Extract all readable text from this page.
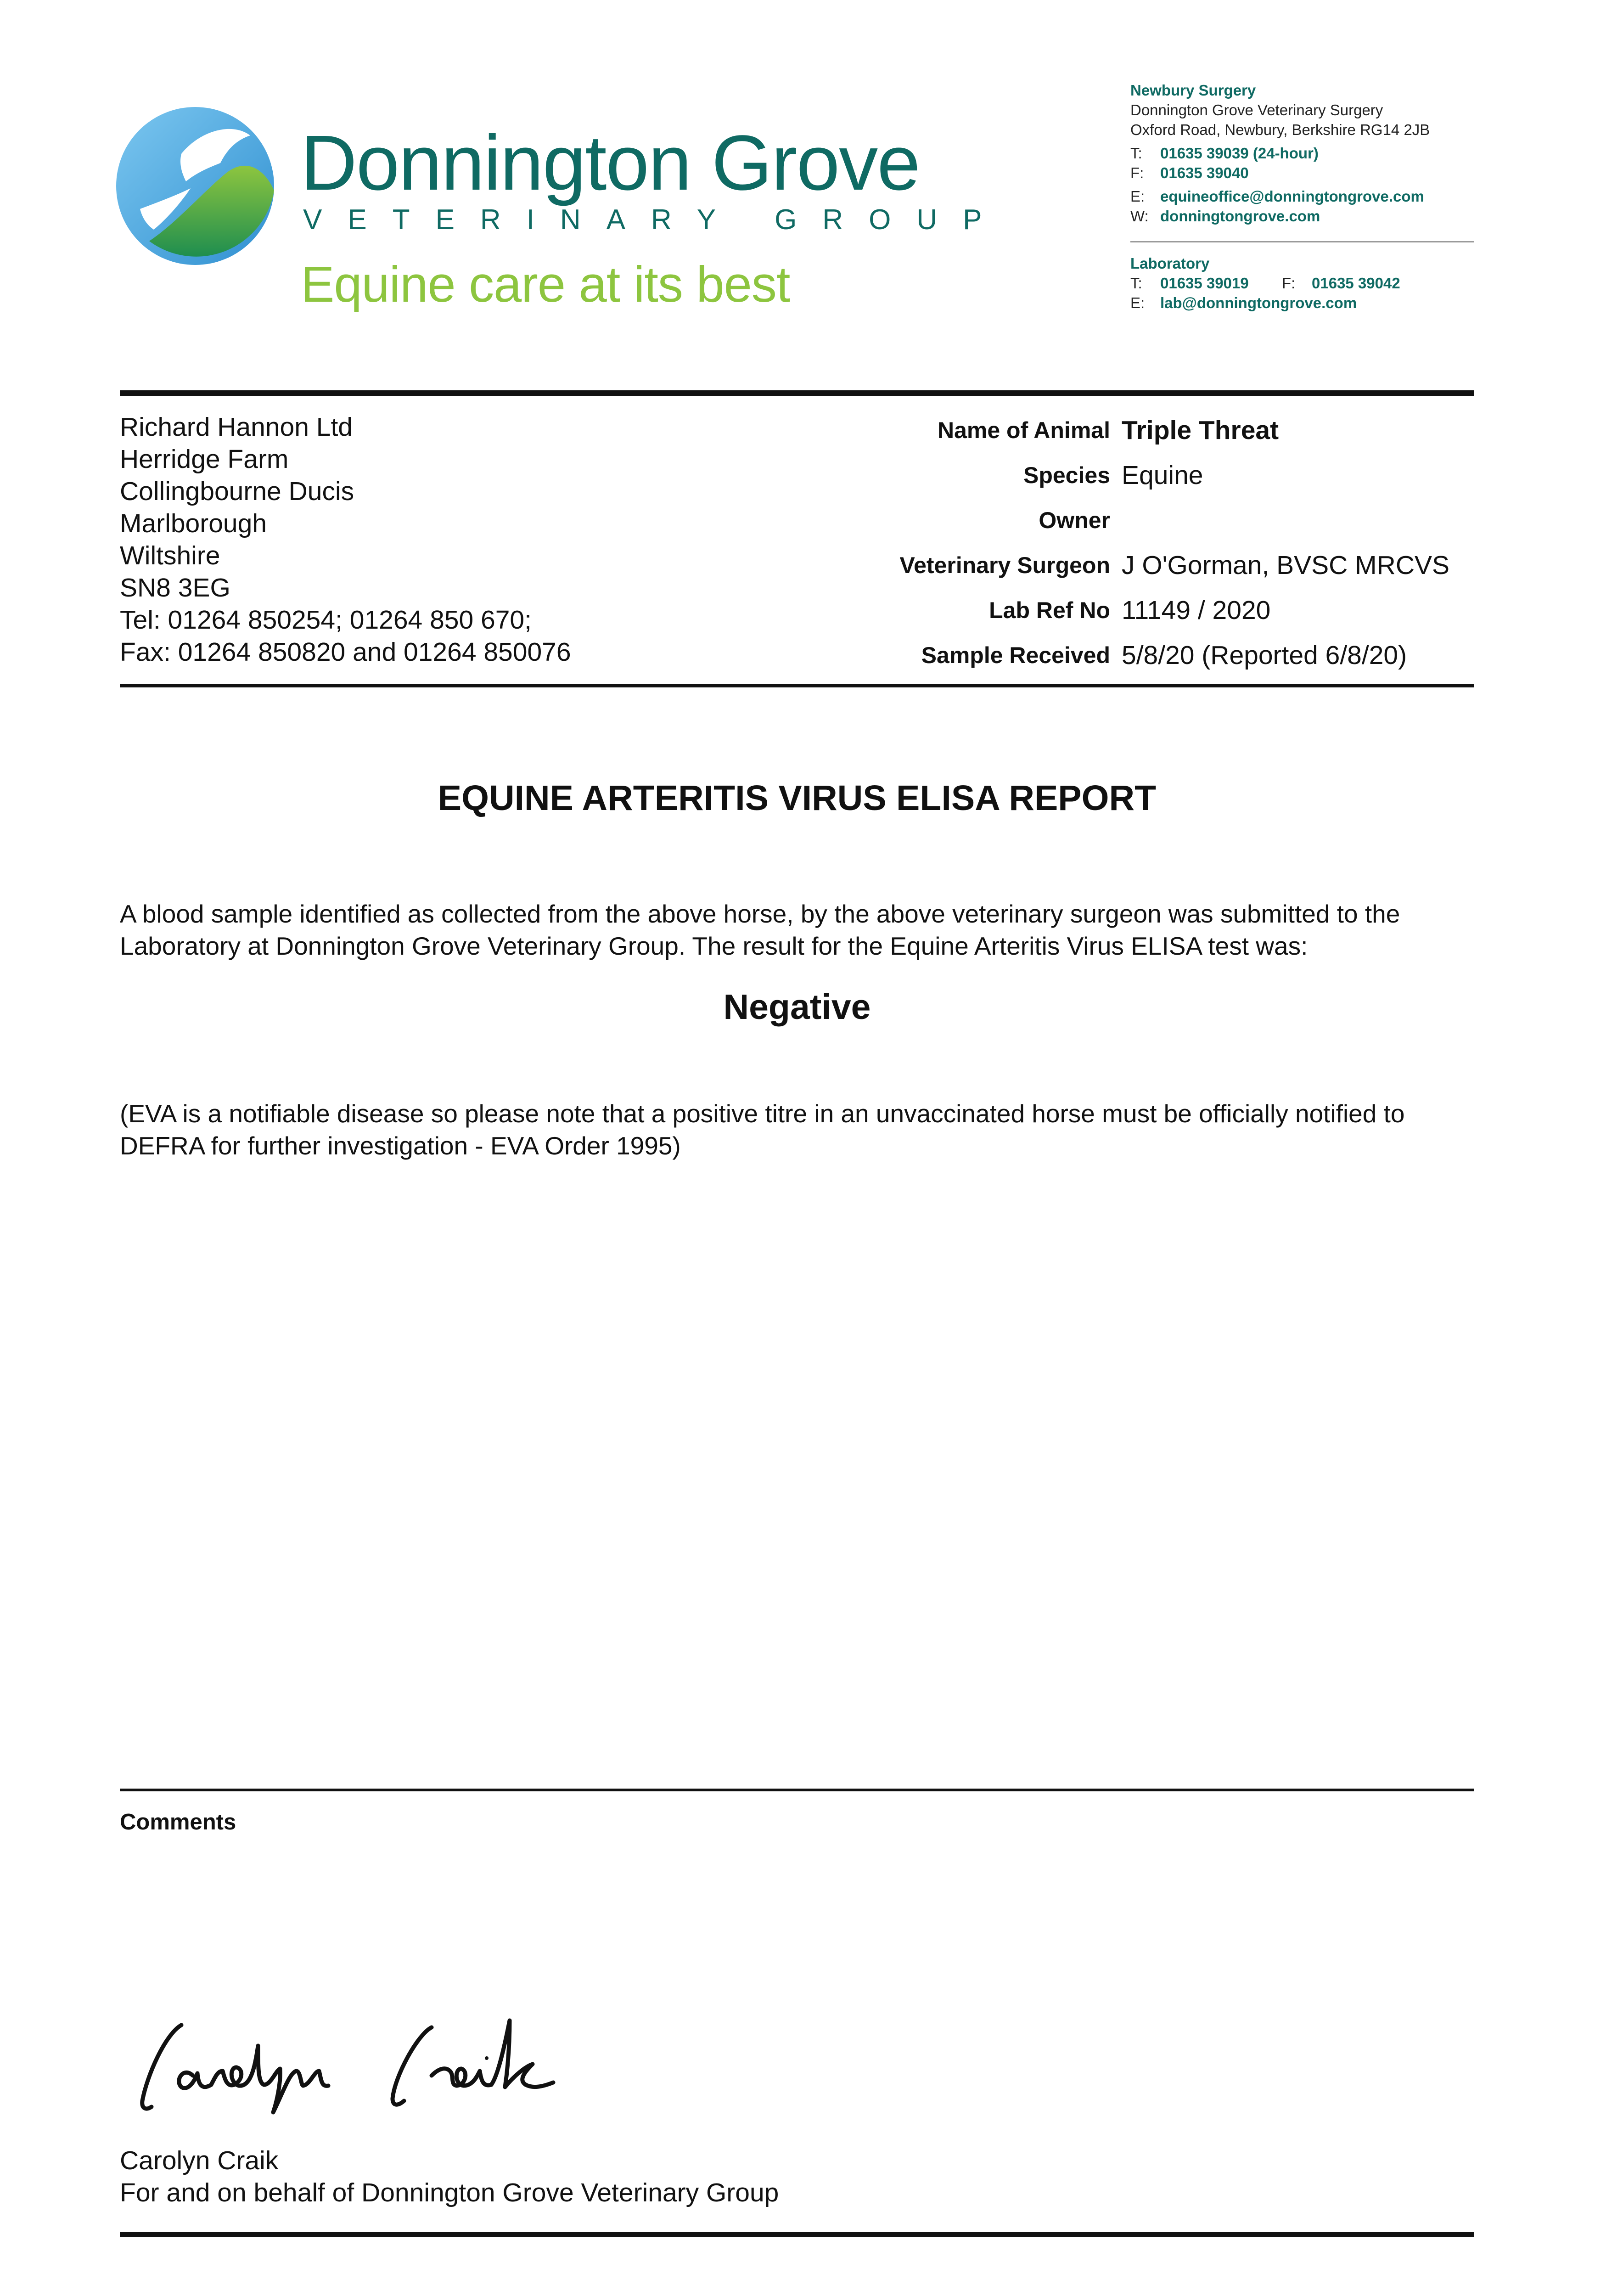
Donnington Grove
VETERINARY GROUP
Equine care at its best
Newbury Surgery
Donnington Grove Veterinary Surgery
Oxford Road, Newbury, Berkshire RG14 2JB
T: 01635 39039 (24-hour)
F: 01635 39040
E: equineoffice@donningtongrove.com
W: donningtongrove.com
Laboratory
T: 01635 39019 F: 01635 39042
E: lab@donningtongrove.com
Richard Hannon Ltd
Herridge Farm
Collingbourne Ducis
Marlborough
Wiltshire
SN8 3EG
Tel: 01264 850254; 01264 850 670;
Fax: 01264 850820 and 01264 850076
Name of Animal Triple Threat
Species Equine
Owner
Veterinary Surgeon J O'Gorman, BVSC MRCVS
Lab Ref No 11149 / 2020
Sample Received 5/8/20 (Reported 6/8/20)
EQUINE ARTERITIS VIRUS ELISA REPORT
A blood sample identified as collected from the above horse, by the above veterinary surgeon was submitted to the Laboratory at Donnington Grove Veterinary Group. The result for the Equine Arteritis Virus ELISA test was:
Negative
(EVA is a notifiable disease so please note that a positive titre in an unvaccinated horse must be officially notified to DEFRA for further investigation - EVA Order 1995)
Comments
Carolyn Craik
For and on behalf of Donnington Grove Veterinary Group
